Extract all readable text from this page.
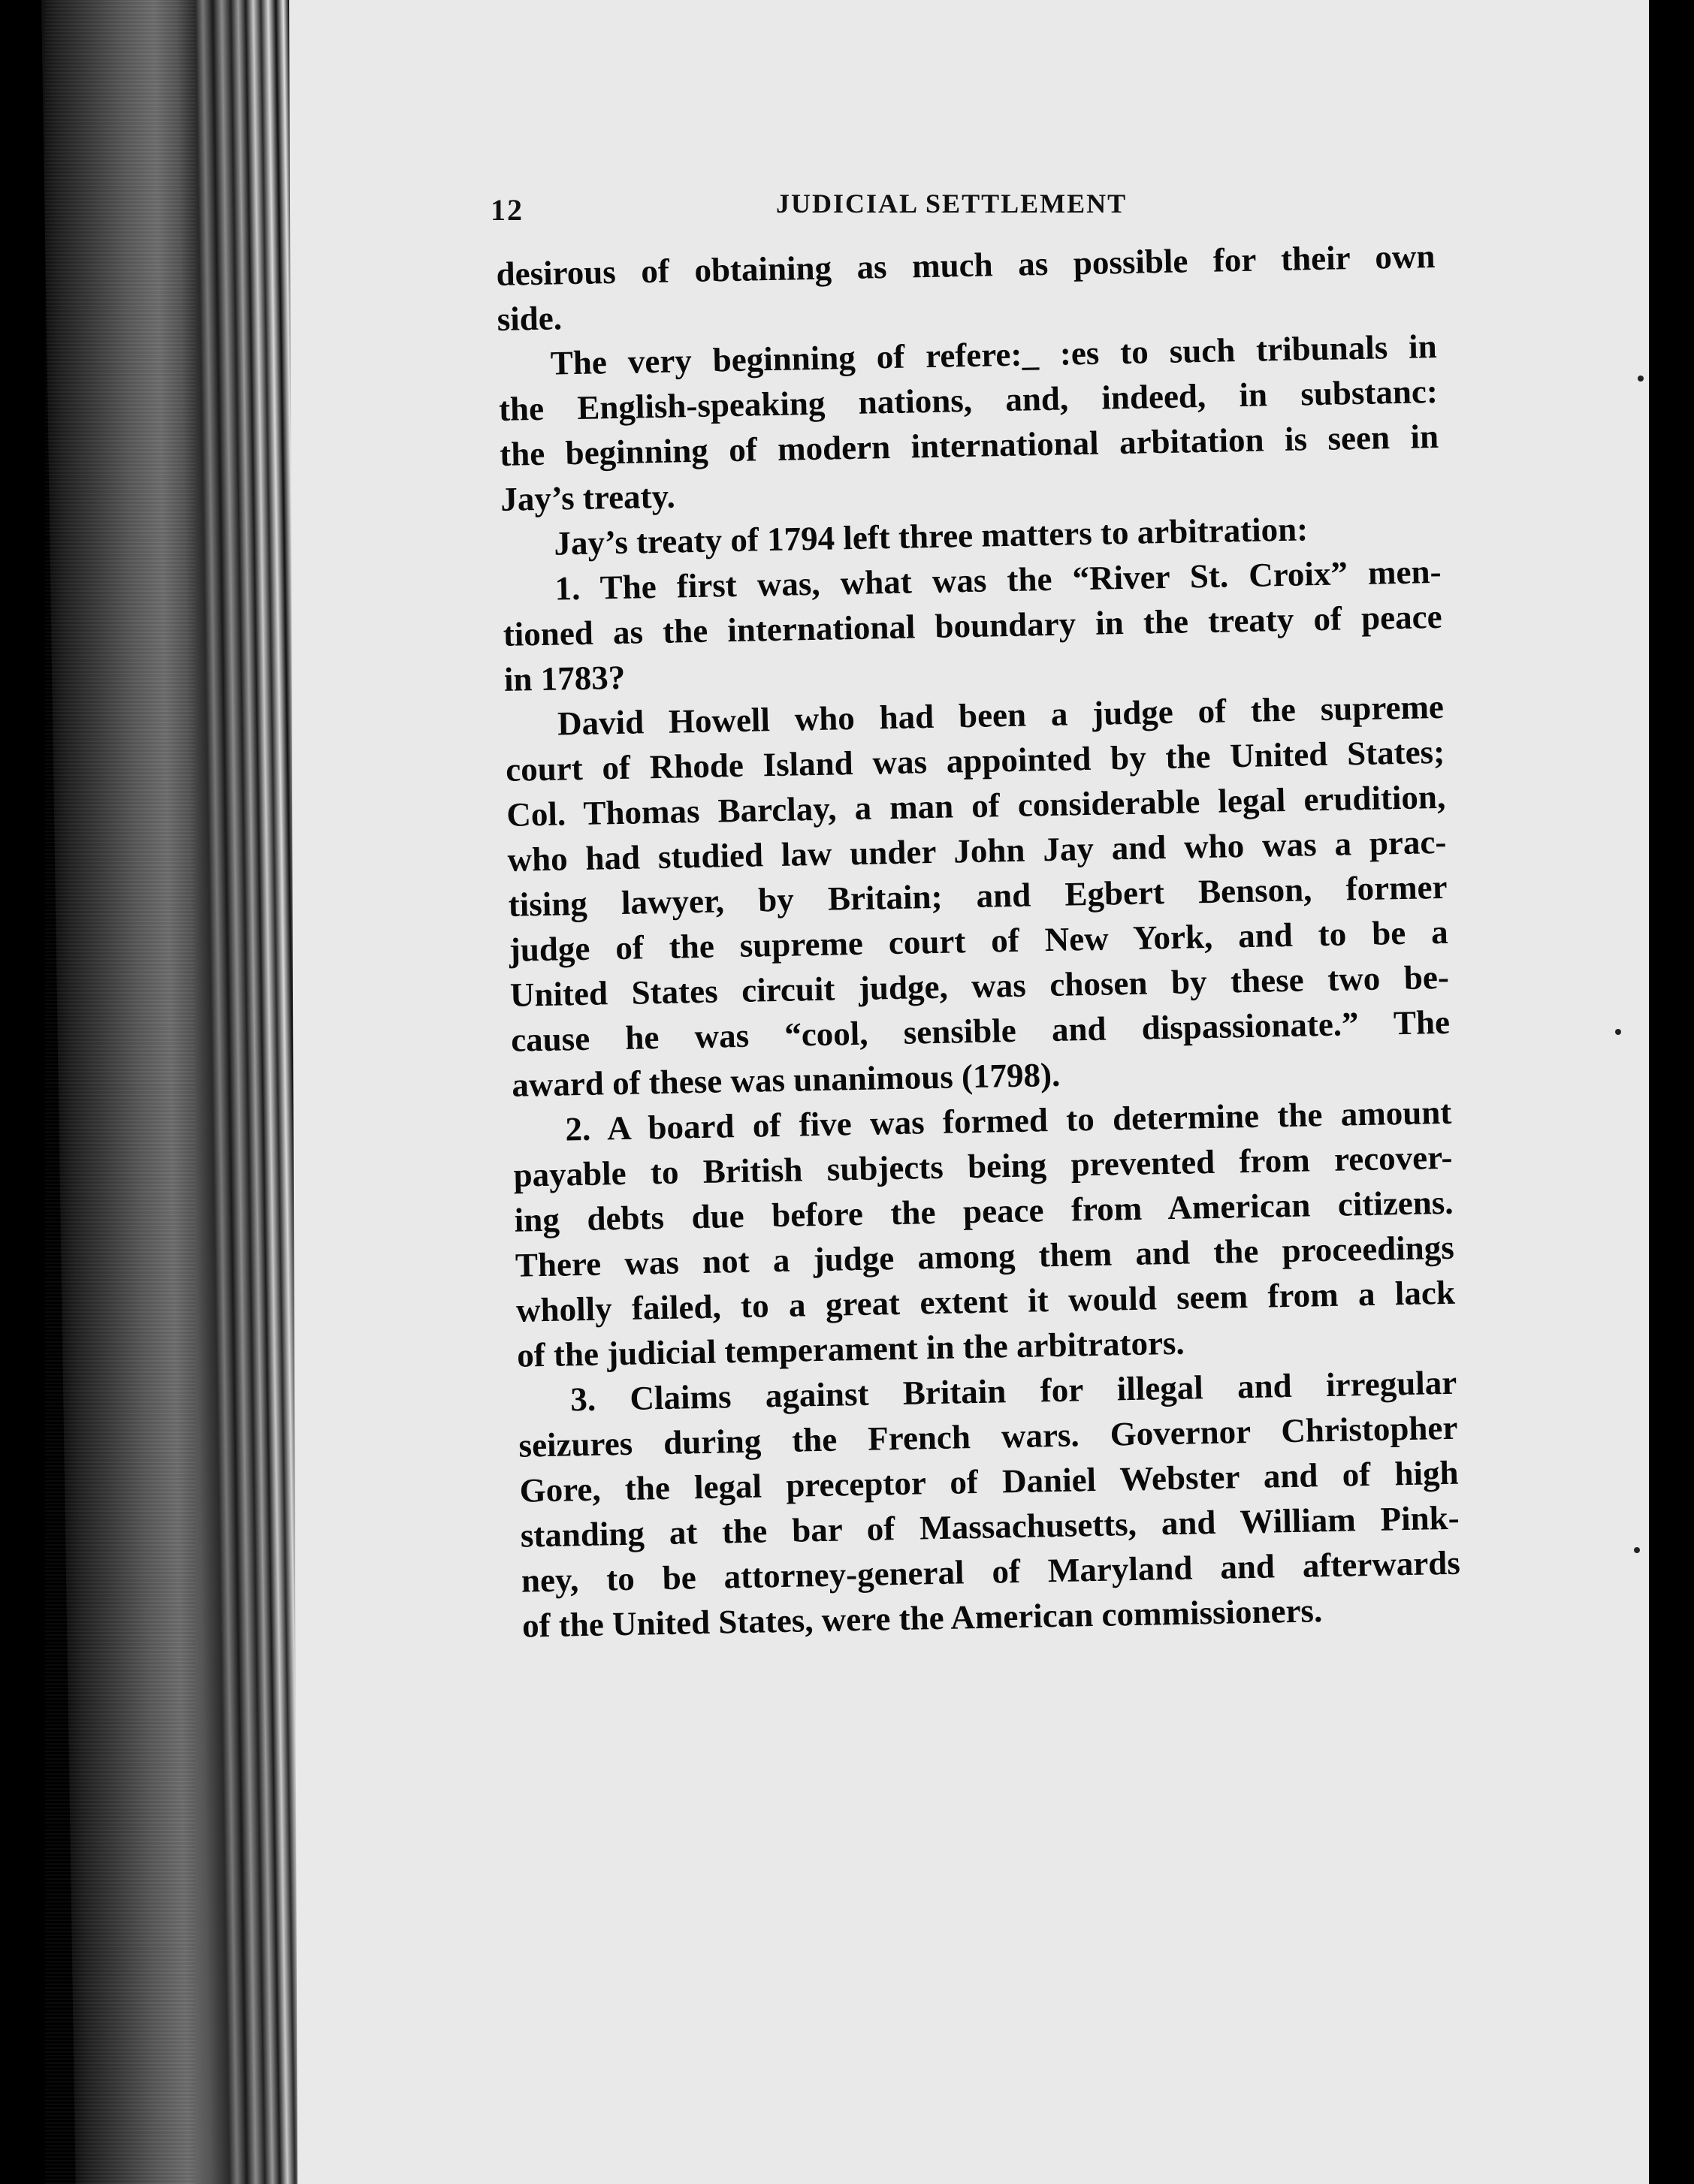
12	JUDICIAL SETTLEMENT
desirous of obtaining as much as possible for their own
side.
The very beginning of refere:_ :es to such tribunals in
the English-speaking nations, and, indeed, in substanc:
the beginning of modern international arbitation is seen in
Jay’s treaty.
Jay’s treaty of 1794 left three matters to arbitration:
1. The first was, what was the “River St. Croix” men-
tioned as the international boundary in the treaty of peace
in 1783?
David Howell who had been a judge of the supreme
court of Rhode Island was appointed by the United States;
Col. Thomas Barclay, a man of considerable legal erudition,
who had studied law under John Jay and who was a prac-
tising lawyer, by Britain; and Egbert Benson, former
judge of the supreme court of New York, and to be a
United States circuit judge, was chosen by these two be-
cause he was “cool, sensible and dispassionate.” The
award of these was unanimous (1798).
2. A board of five was formed to determine the amount
payable to British subjects being prevented from recover-
ing debts due before the peace from American citizens.
There was not a judge among them and the proceedings
wholly failed, to a great extent it would seem from a lack
of the judicial temperament in the arbitrators.
3. Claims against Britain for illegal and irregular
seizures during the French wars. Governor Christopher
Gore, the legal preceptor of Daniel Webster and of high
standing at the bar of Massachusetts, and William Pink-
ney, to be attorney-general of Maryland and afterwards
of the United States, were the American commissioners.
